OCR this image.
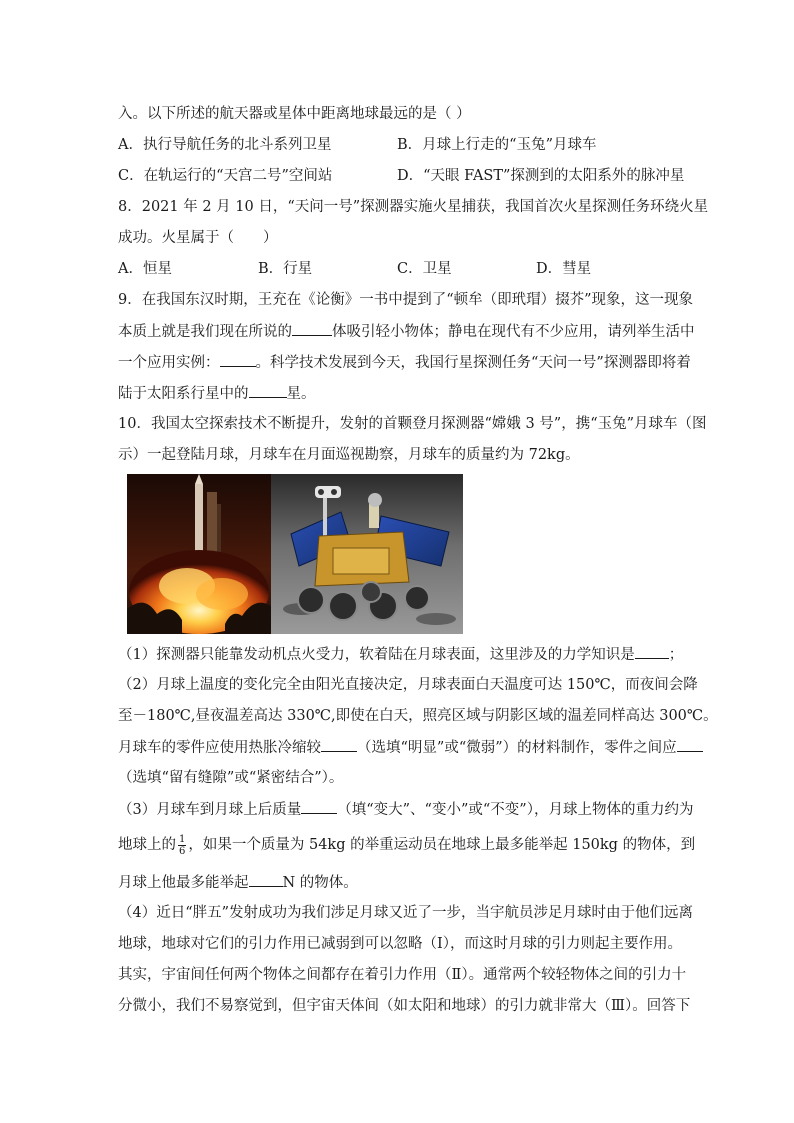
入。以下所述的航天器或星体中距离地球最远的是（ ）
A．执行导航任务的北斗系列卫星	B．月球上行走的“玉兔”月球车
C．在轨运行的“天宫二号”空间站	D．“天眼 FAST”探测到的太阳系外的脉冲星
8．2021 年 2 月 10 日，“天问一号”探测器实施火星捕获，我国首次火星探测任务环绕火星
成功。火星属于（　　）
A．恒星	B．行星	C．卫星	D．彗星
9．在我国东汉时期，王充在《论衡》一书中提到了“顿牟（即玳瑁）掇芥”现象，这一现象
本质上就是我们现在所说的	体吸引轻小物体；静电在现代有不少应用，请列举生活中
一个应用实例： 。科学技术发展到今天，我国行星探测任务“天问一号”探测器即将着
陆于太阳系行星中的	星。
10．我国太空探索技术不断提升，发射的首颗登月探测器“嫦娥 3 号”，携“玉兔”月球车（图
示）一起登陆月球，月球车在月面巡视勘察，月球车的质量约为 72kg。
（1）探测器只能靠发动机点火受力，软着陆在月球表面，这里涉及的力学知识是 ；
（2）月球上温度的变化完全由阳光直接决定，月球表面白天温度可达 150℃，而夜间会降
至－180℃,昼夜温差高达 330℃,即使在白天，照亮区域与阴影区域的温差同样高达 300℃。
月球车的零件应使用热胀冷缩较 （选填“明显”或“微弱”）的材料制作，零件之间应
（选填“留有缝隙”或“紧密结合”）。
（3）月球车到月球上后质量 （填“变大”、“变小”或“不变”），月球上物体的重力约为
地球上的 $\frac{1}{6}$ ，如果一个质量为 54kg 的举重运动员在地球上最多能举起 150kg 的物体，到
月球上他最多能举起 N 的物体。
（4）近日“胖五”发射成功为我们涉足月球又近了一步，当宇航员涉足月球时由于他们远离
地球，地球对它们的引力作用已减弱到可以忽略（Ⅰ），而这时月球的引力则起主要作用。
其实，宇宙间任何两个物体之间都存在着引力作用（Ⅱ）。通常两个较轻物体之间的引力十
分微小，我们不易察觉到，但宇宙天体间（如太阳和地球）的引力就非常大（Ⅲ）。回答下
